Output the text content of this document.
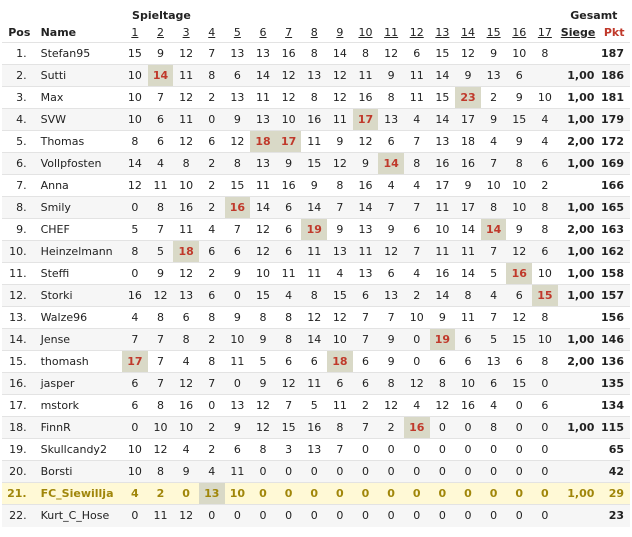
		Spieltage																	Gesamt	
Pos	Name	1	2	3	4	5	6	7	8	9	10	11	12	13	14	15	16	17	Siege	Pkt
1.	Stefan95	15	9	12	7	13	13	16	8	14	8	12	6	15	12	9	10	8		187
2.	Sutti	10	14	11	8	6	14	12	13	12	11	9	11	14	9	13	6		1,00	186
3.	Max	10	7	12	2	13	11	12	8	12	16	8	11	15	23	2	9	10	1,00	181
4.	SVW	10	6	11	0	9	13	10	16	11	17	13	4	14	17	9	15	4	1,00	179
5.	Thomas	8	6	12	6	12	18	17	11	9	12	6	7	13	18	4	9	4	2,00	172
6.	Vollpfosten	14	4	8	2	8	13	9	15	12	9	14	8	16	16	7	8	6	1,00	169
7.	Anna	12	11	10	2	15	11	16	9	8	16	4	4	17	9	10	10	2		166
8.	Smily	0	8	16	2	16	14	6	14	7	14	7	7	11	17	8	10	8	1,00	165
9.	CHEF	5	7	11	4	7	12	6	19	9	13	9	6	10	14	14	9	8	2,00	163
10.	Heinzelmann	8	5	18	6	6	12	6	11	13	11	12	7	11	11	7	12	6	1,00	162
11.	Steffi	0	9	12	2	9	10	11	11	4	13	6	4	16	14	5	16	10	1,00	158
12.	Storki	16	12	13	6	0	15	4	8	15	6	13	2	14	8	4	6	15	1,00	157
13.	Walze96	4	8	6	8	9	8	8	12	12	7	7	10	9	11	7	12	8		156
14.	Jense	7	7	8	2	10	9	8	14	10	7	9	0	19	6	5	15	10	1,00	146
15.	thomash	17	7	4	8	11	5	6	6	18	6	9	0	6	6	13	6	8	2,00	136
16.	jasper	6	7	12	7	0	9	12	11	6	6	8	12	8	10	6	15	0		135
17.	mstork	6	8	16	0	13	12	7	5	11	2	12	4	12	16	4	0	6		134
18.	FinnR	0	10	10	2	9	12	15	16	8	7	2	16	0	0	8	0	0	1,00	115
19.	Skullcandy2	10	12	4	2	6	8	3	13	7	0	0	0	0	0	0	0	0		65
20.	Borsti	10	8	9	4	11	0	0	0	0	0	0	0	0	0	0	0	0		42
21.	FC_Siewillja	4	2	0	13	10	0	0	0	0	0	0	0	0	0	0	0	0	1,00	29
22.	Kurt_C_Hose	0	11	12	0	0	0	0	0	0	0	0	0	0	0	0	0	0		23
